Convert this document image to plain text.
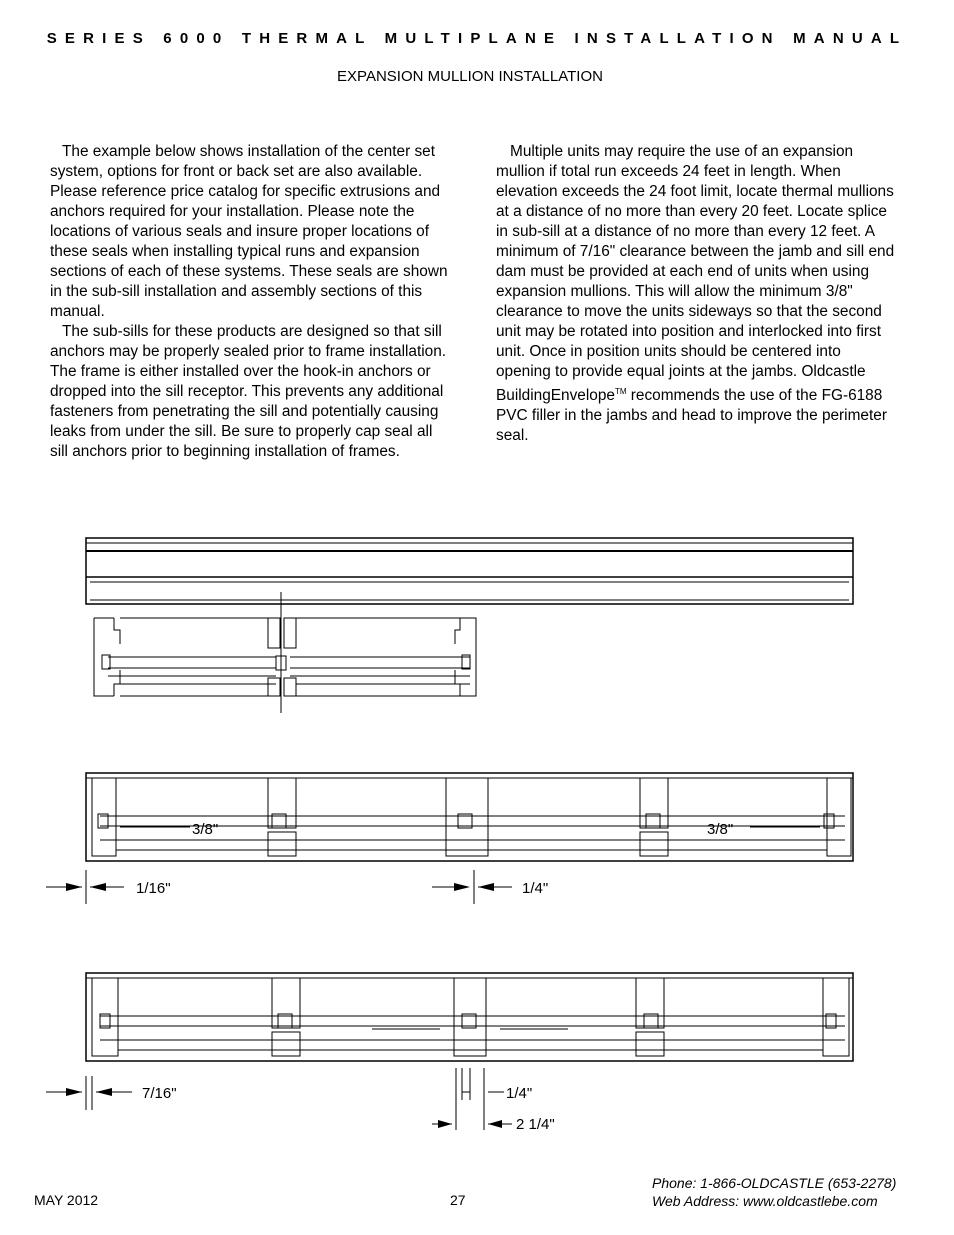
SERIES 6000 THERMAL MULTIPLANE INSTALLATION MANUAL
EXPANSION MULLION INSTALLATION

The example below shows installation of the center set system, options for front or back set are also available. Please reference price catalog for specific extrusions and anchors required for your installation. Please note the locations of various seals and insure proper locations of these seals when installing typical runs and expansion sections of each of these systems. These seals are shown in the sub-sill installation and assembly sections of this manual.

The sub-sills for these products are designed so that sill anchors may be properly sealed prior to frame installation. The frame is either installed over the hook-in anchors or dropped into the sill receptor. This prevents any additional fasteners from penetrating the sill and potentially causing leaks from under the sill. Be sure to properly cap seal all sill anchors prior to beginning installation of frames.

Multiple units may require the use of an expansion mullion if total run exceeds 24 feet in length. When elevation exceeds the 24 foot limit, locate thermal mullions at a distance of no more than every 20 feet. Locate splice in sub-sill at a distance of no more than every 12 feet. A minimum of 7/16" clearance between the jamb and sill end dam must be provided at each end of units when using expansion mullions. This will allow the minimum 3/8" clearance to move the units sideways so that the second unit may be rotated into position and interlocked into first unit. Once in position units should be centered into opening to provide equal joints at the jambs. Oldcastle BuildingEnvelope™ recommends the use of the FG-6188 PVC filler in the jambs and head to improve the perimeter seal.

3/8"	3/8"
1/16"	1/4"
7/16"	1/4"
2 1/4"
MAY 2012	27
Phone: 1-866-OLDCASTLE (653-2278)
Web Address: www.oldcastlebe.com
